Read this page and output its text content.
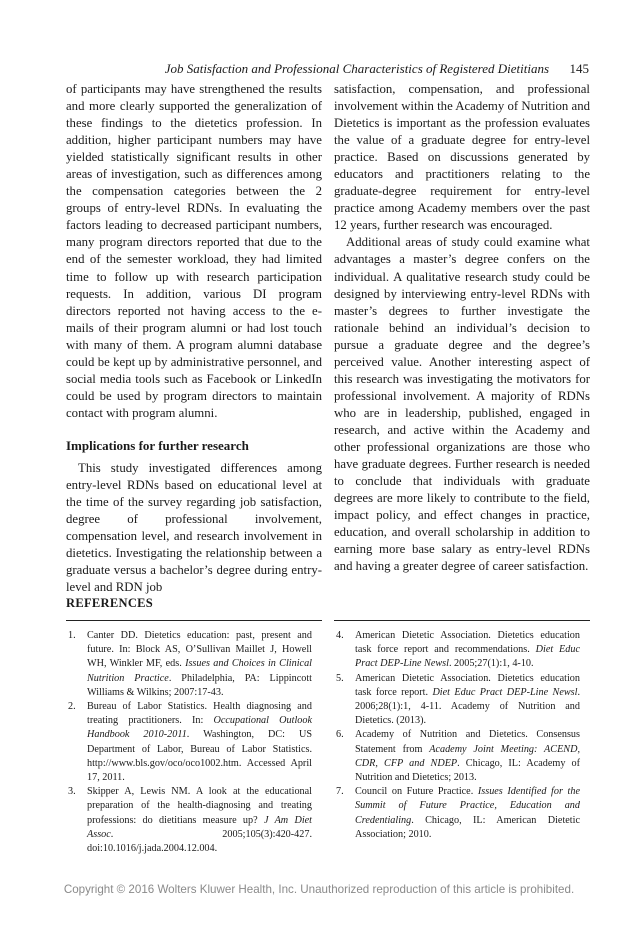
Job Satisfaction and Professional Characteristics of Registered Dietitians 145

of participants may have strengthened the results and more clearly supported the generalization of these findings to the dietetics profession. In addition, higher participant numbers may have yielded statistically significant results in other areas of investigation, such as differences among the compensation categories between the 2 groups of entry-level RDNs. In evaluating the factors leading to decreased participant numbers, many program directors reported that due to the end of the semester workload, they had limited time to follow up with research participation requests. In addition, various DI program directors reported not having access to the e-mails of their program alumni or had lost touch with many of them. A program alumni database could be kept up by administrative personnel, and social media tools such as Facebook or LinkedIn could be used by program directors to maintain contact with program alumni.

Implications for further research

This study investigated differences among entry-level RDNs based on educational level at the time of the survey regarding job satisfaction, degree of professional involvement, compensation level, and research involvement in dietetics. Investigating the relationship between a graduate versus a bachelor’s degree during entry-level and RDN job

satisfaction, compensation, and professional involvement within the Academy of Nutrition and Dietetics is important as the profession evaluates the value of a graduate degree for entry-level practice. Based on discussions generated by educators and practitioners relating to the graduate-degree requirement for entry-level practice among Academy members over the past 12 years, further research was encouraged.

Additional areas of study could examine what advantages a master’s degree confers on the individual. A qualitative research study could be designed by interviewing entry-level RDNs with master’s degrees to further investigate the rationale behind an individual’s decision to pursue a graduate degree and the degree’s perceived value. Another interesting aspect of this research was investigating the motivators for professional involvement. A majority of RDNs who are in leadership, published, engaged in research, and active within the Academy and other professional organizations are those who have graduate degrees. Further research is needed to conclude that individuals with graduate degrees are more likely to contribute to the field, impact policy, and effect changes in practice, education, and overall scholarship in addition to earning more base salary as entry-level RDNs and having a greater degree of career satisfaction.

REFERENCES
1. Canter DD. Dietetics education: past, present and future. In: Block AS, O’Sullivan Maillet J, Howell WH, Winkler MF, eds. Issues and Choices in Clinical Nutrition Practice. Philadelphia, PA: Lippincott Williams & Wilkins; 2007:17-43.
2. Bureau of Labor Statistics. Health diagnosing and treating practitioners. In: Occupational Outlook Handbook 2010-2011. Washington, DC: US Department of Labor, Bureau of Labor Statistics. http://www.bls.gov/oco/oco1002.htm. Accessed April 17, 2011.
3. Skipper A, Lewis NM. A look at the educational preparation of the health-diagnosing and treating professions: do dietitians measure up? J Am Diet Assoc. 2005;105(3):420-427. doi:10.1016/j.jada.2004.12.004.
4. American Dietetic Association. Dietetics education task force report and recommendations. Diet Educ Pract DEP-Line Newsl. 2005;27(1):1, 4-10.
5. American Dietetic Association. Dietetics education task force report. Diet Educ Pract DEP-Line Newsl. 2006;28(1):1, 4-11. Academy of Nutrition and Dietetics. (2013).
6. Academy of Nutrition and Dietetics. Consensus Statement from Academy Joint Meeting: ACEND, CDR, CFP and NDEP. Chicago, IL: Academy of Nutrition and Dietetics; 2013.
7. Council on Future Practice. Issues Identified for the Summit of Future Practice, Education and Credentialing. Chicago, IL: American Dietetic Association; 2010.
Copyright © 2016 Wolters Kluwer Health, Inc. Unauthorized reproduction of this article is prohibited.
